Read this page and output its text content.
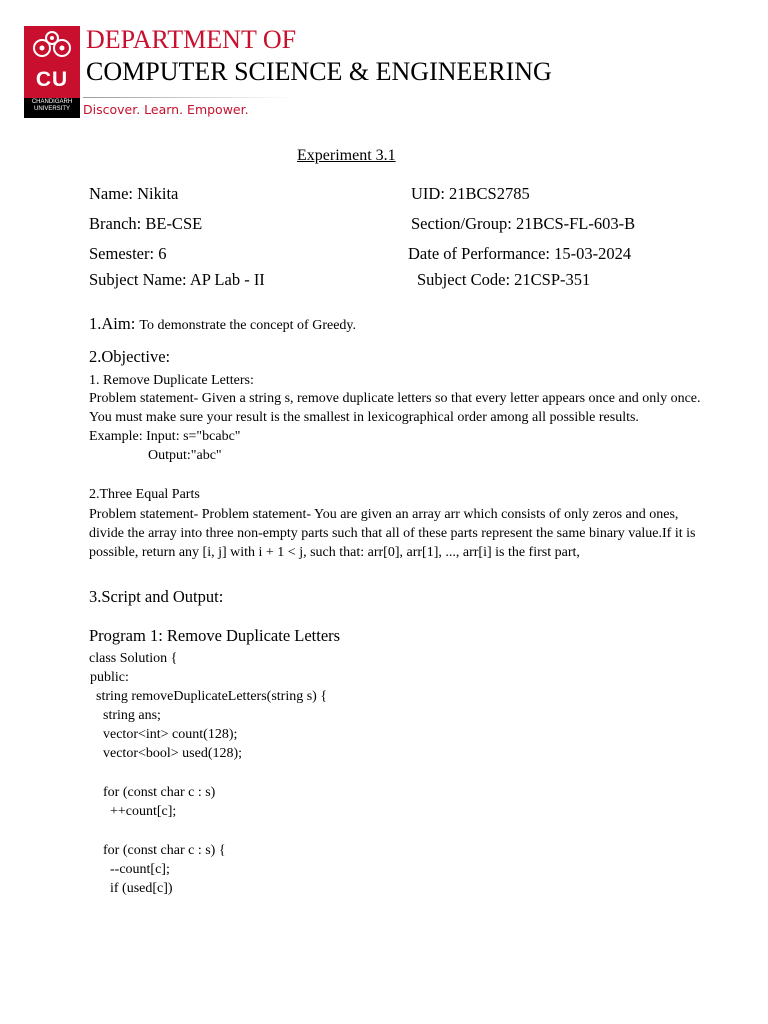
CU
CHANDIGARH
UNIVERSITY
DEPARTMENT OF
COMPUTER SCIENCE & ENGINEERING
Discover. Learn. Empower.
Experiment 3.1
Name: Nikita	UID: 21BCS2785
Branch: BE-CSE	Section/Group: 21BCS-FL-603-B
Semester: 6	Date of Performance: 15-03-2024
Subject Name: AP Lab - II	Subject Code: 21CSP-351
1.Aim: To demonstrate the concept of Greedy.
2.Objective:
1. Remove Duplicate Letters:
Problem statement- Given a string s, remove duplicate letters so that every letter appears once and only once.
You must make sure your result is the smallest in lexicographical order among all possible results.
Example: Input: s="bcabc"
Output:"abc"
2.Three Equal Parts
Problem statement- Problem statement- You are given an array arr which consists of only zeros and ones,
divide the array into three non-empty parts such that all of these parts represent the same binary value.If it is
possible, return any [i, j] with i + 1 < j, such that: arr[0], arr[1], ..., arr[i] is the first part,
3.Script and Output:
Program 1: Remove Duplicate Letters
class Solution {
public:
string removeDuplicateLetters(string s) {
string ans;
vector<int> count(128);
vector<bool> used(128);
for (const char c : s)
++count[c];
for (const char c : s) {
--count[c];
if (used[c])
